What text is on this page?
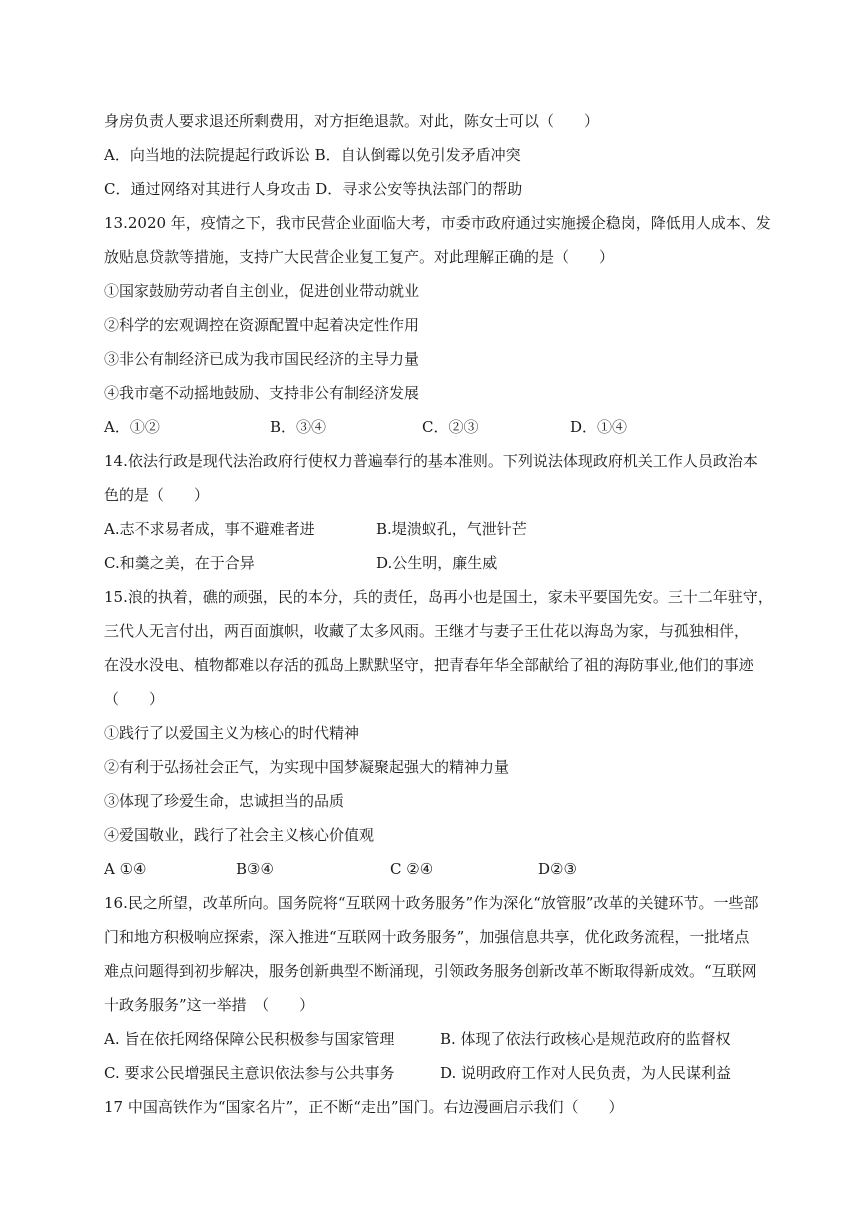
身房负责人要求退还所剩费用，对方拒绝退款。对此，陈女士可以（　　）
A．向当地的法院提起行政诉讼 B．自认倒霉以免引发矛盾冲突
C．通过网络对其进行人身攻击 D．寻求公安等执法部门的帮助
13.2020 年，疫情之下，我市民营企业面临大考，市委市政府通过实施援企稳岗，降低用人成本、发
放贴息贷款等措施，支持广大民营企业复工复产。对此理解正确的是（　　）
①国家鼓励劳动者自主创业，促进创业带动就业
②科学的宏观调控在资源配置中起着决定性作用
③非公有制经济已成为我市国民经济的主导力量
④我市毫不动摇地鼓励、支持非公有制经济发展
A．①②	B．③④	C．②③	D．①④
14.依法行政是现代法治政府行使权力普遍奉行的基本准则。下列说法体现政府机关工作人员政治本
色的是（　　）
A.志不求易者成，事不避难者进	B.堤溃蚁孔，气泄针芒
C.和羹之美，在于合异	D.公生明，廉生威
15.浪的执着，礁的顽强，民的本分，兵的责任，岛再小也是国土，家未平要国先安。三十二年驻守，
三代人无言付出，两百面旗帜，收藏了太多风雨。王继才与妻子王仕花以海岛为家，与孤独相伴，
在没水没电、植物都难以存活的孤岛上默默坚守，把青春年华全部献给了祖的海防事业,他们的事迹
（　　）
①践行了以爱国主义为核心的时代精神
②有利于弘扬社会正气，为实现中国梦凝聚起强大的精神力量
③体现了珍爱生命，忠诚担当的品质
④爱国敬业，践行了社会主义核心价值观
A ①④	B③④	C ②④	D②③
16.民之所望，改革所向。国务院将“互联网十政务服务”作为深化“放管服”改革的关键环节。一些部
门和地方积极响应探索，深入推进“互联网十政务服务”，加强信息共享，优化政务流程，一批堵点
难点问题得到初步解决，服务创新典型不断涌现，引领政务服务创新改革不断取得新成效。“互联网
十政务服务”这一举措　（　　）
A. 旨在依托网络保障公民积极参与国家管理	B. 体现了依法行政核心是规范政府的监督权
C. 要求公民增强民主意识依法参与公共事务	D. 说明政府工作对人民负责，为人民谋利益
17 中国高铁作为“国家名片”，正不断“走出”国门。右边漫画启示我们（　　）
